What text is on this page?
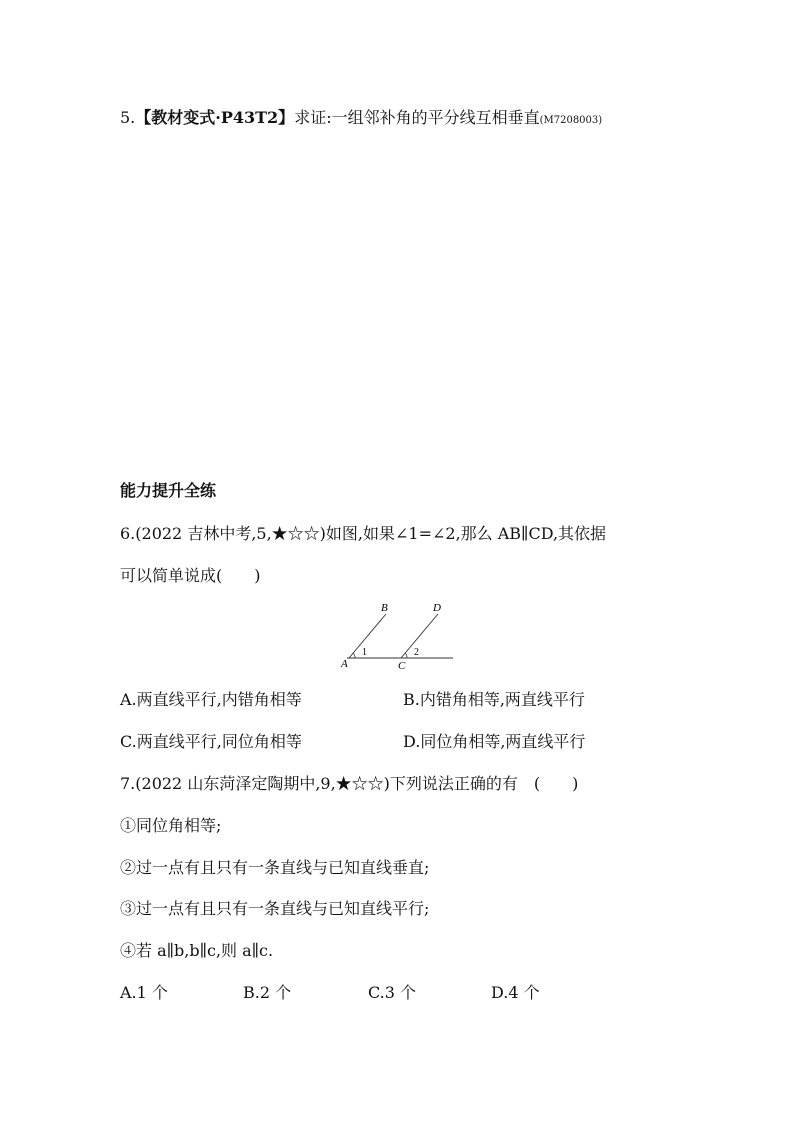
5.【教材变式·P43T2】求证:一组邻补角的平分线互相垂直(M7208003)
能力提升全练
6.(2022 吉林中考,5,★☆☆)如图,如果∠1=∠2,那么 AB∥CD,其依据
可以简单说成(　　)
B	D
A	C
1	2
A.两直线平行,内错角相等	B.内错角相等,两直线平行
C.两直线平行,同位角相等	D.同位角相等,两直线平行
7.(2022 山东菏泽定陶期中,9,★☆☆)下列说法正确的有　(　　)
①同位角相等;
②过一点有且只有一条直线与已知直线垂直;
③过一点有且只有一条直线与已知直线平行;
④若 a∥b,b∥c,则 a∥c.
A.1 个	B.2 个	C.3 个	D.4 个
